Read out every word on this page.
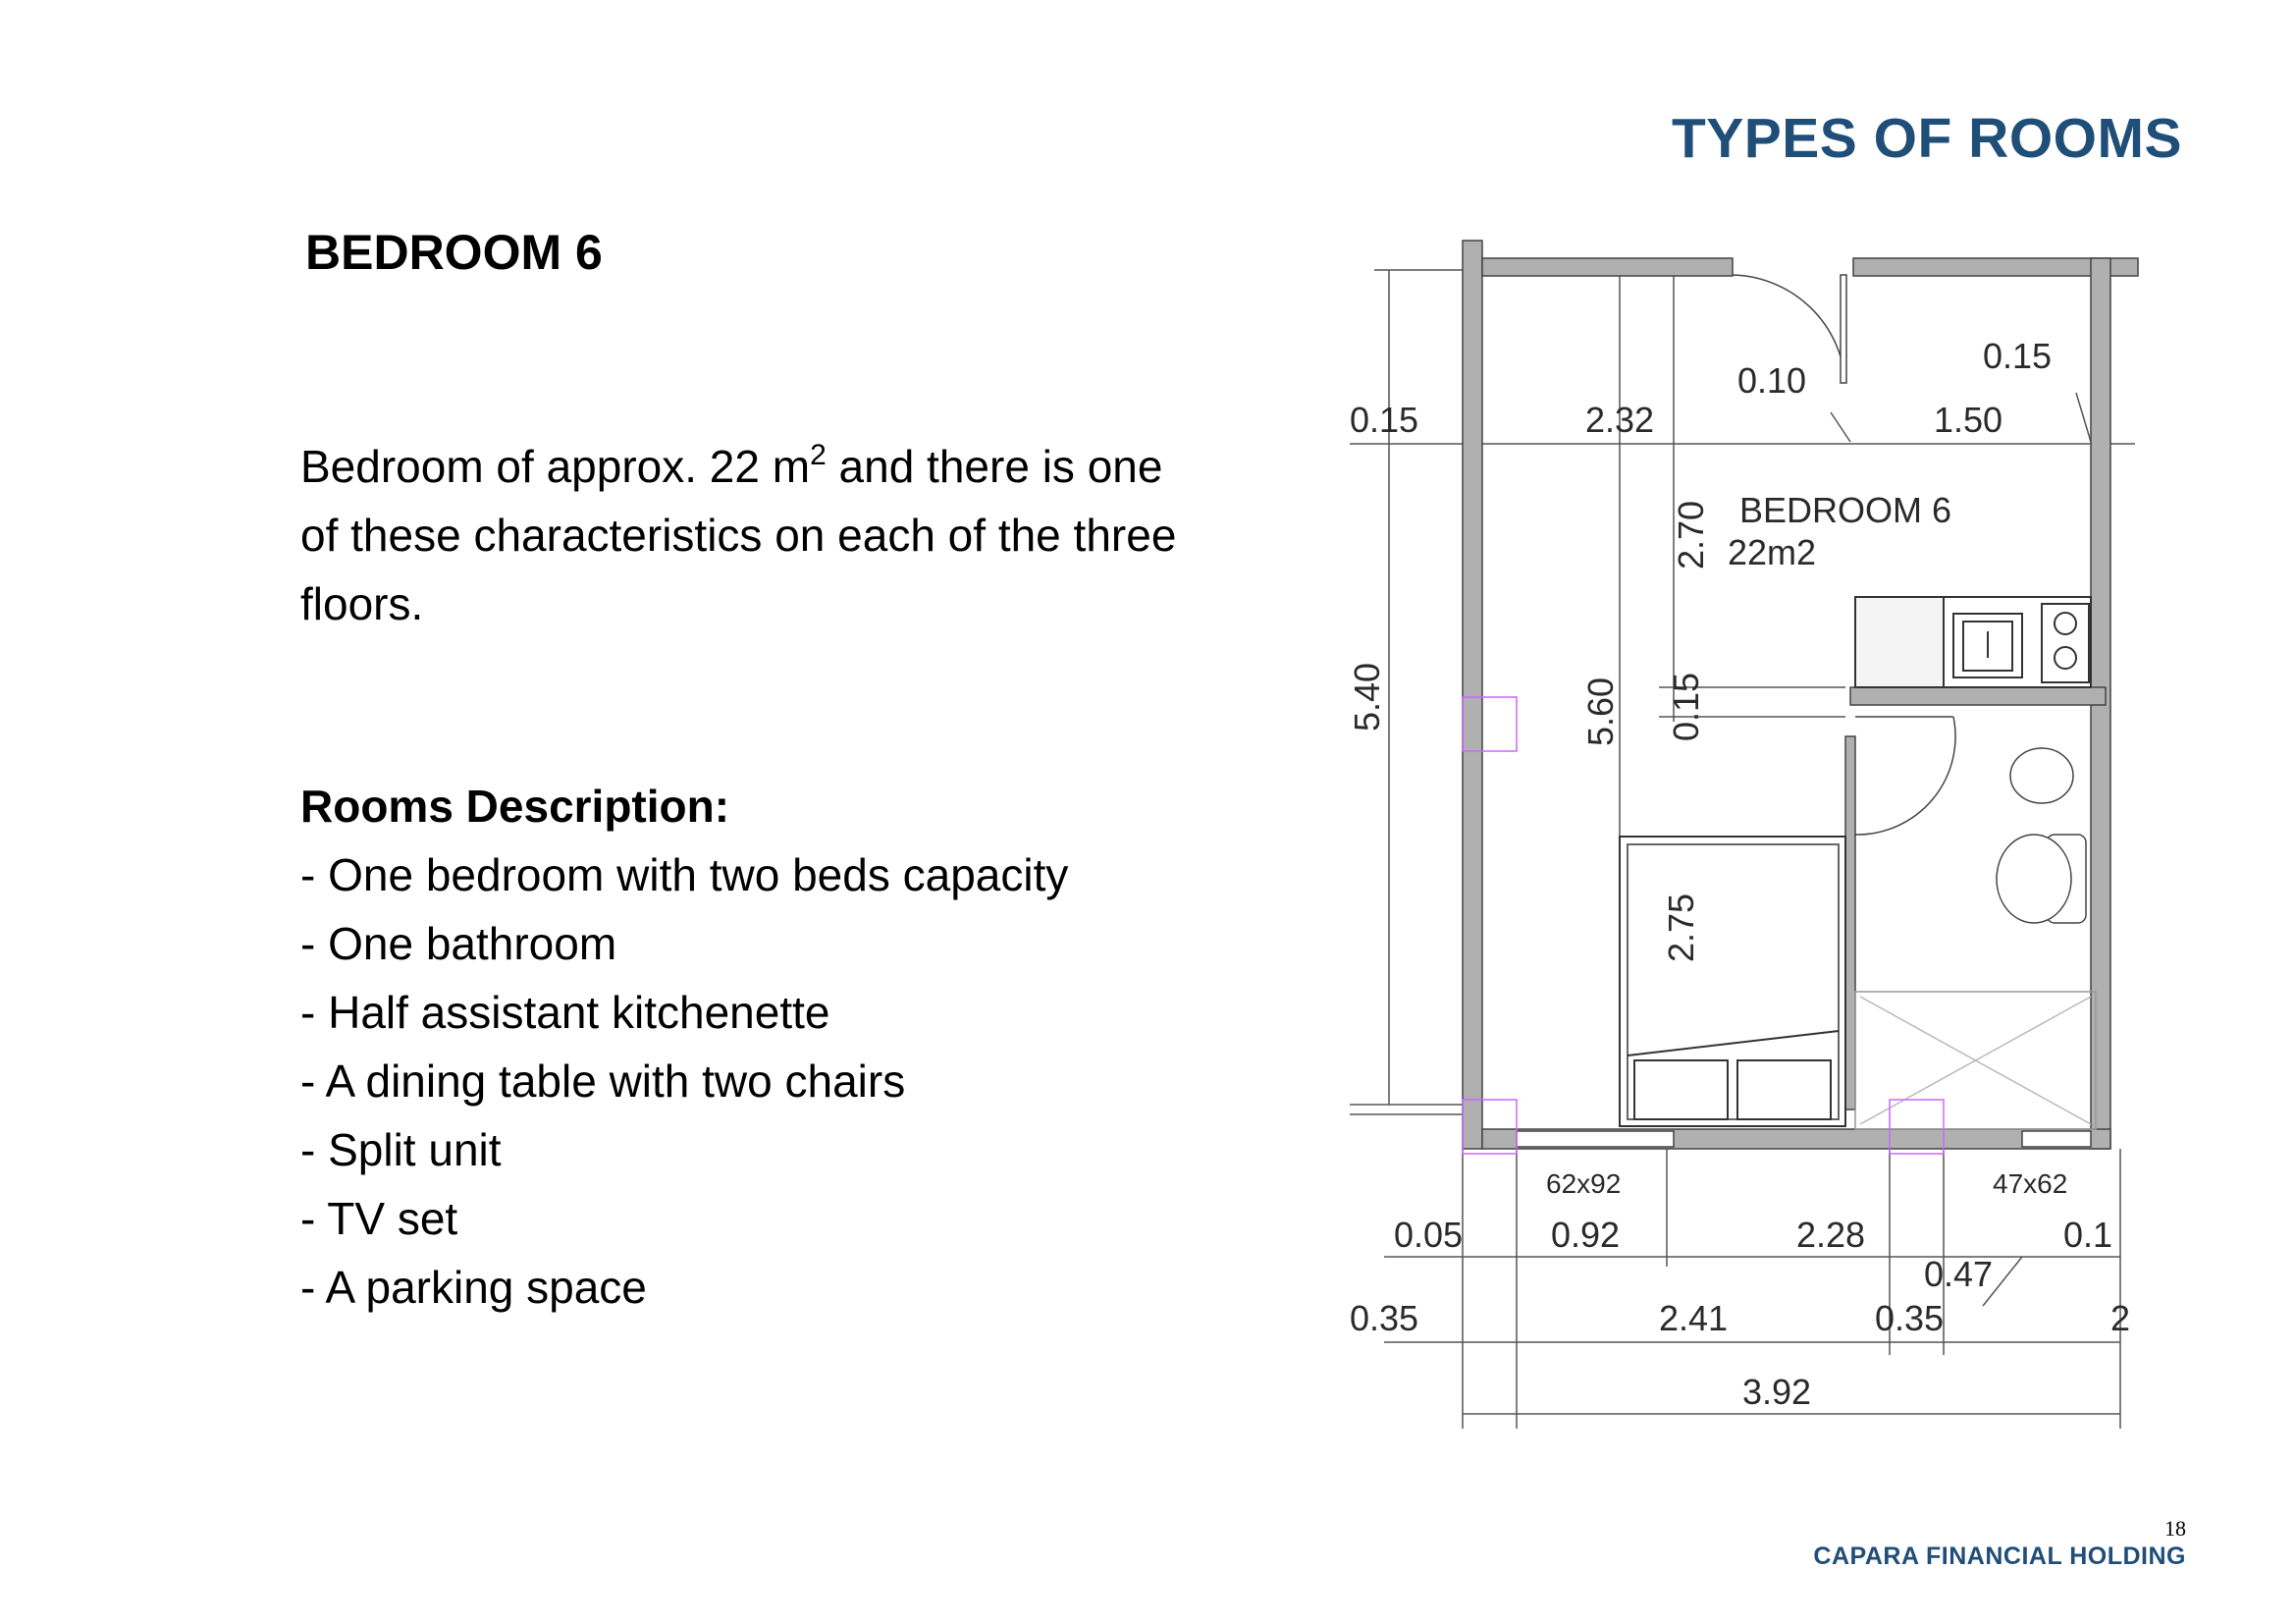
TYPES OF ROOMS
BEDROOM 6
Bedroom of approx. 22 $m^2$ and there is one of these characteristics on each of the three floors.
Rooms Description:
- One bedroom with two beds capacity
- One bathroom
- Half assistant kitchenette
- A dining table with two chairs
- Split unit
- TV set
- A parking space
0.15	2.32
0.10
1.50
0.15
2.70
5.40	5.60 0.15
2.75
BEDROOM 6
22m2
62x92	47x62
0.05 0.92	2.28
0.47
0.1
0.35	2.41	0.35	2
3.92
18
CAPARA FINANCIAL HOLDING
